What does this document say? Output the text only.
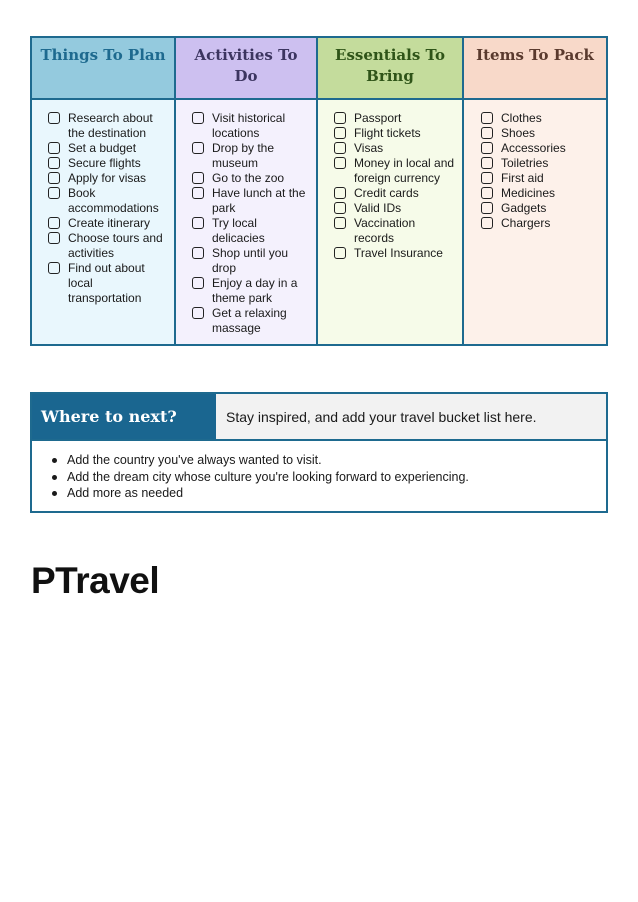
Things To Plan
Research about the destination
Set a budget
Secure flights
Apply for visas
Book accommodations
Create itinerary
Choose tours and activities
Find out about local transportation
Activities To Do
Visit historical locations
Drop by the museum
Go to the zoo
Have lunch at the park
Try local delicacies
Shop until you drop
Enjoy a day in a theme park
Get a relaxing massage
Essentials To Bring
Passport
Flight tickets
Visas
Money in local and foreign currency
Credit cards
Valid IDs
Vaccination records
Travel Insurance
Items To Pack
Clothes
Shoes
Accessories
Toiletries
First aid
Medicines
Gadgets
Chargers
Where to next?	Stay inspired, and add your travel bucket list here.
Add the country you've always wanted to visit.
Add the dream city whose culture you're looking forward to experiencing.
Add more as needed
PTravel
